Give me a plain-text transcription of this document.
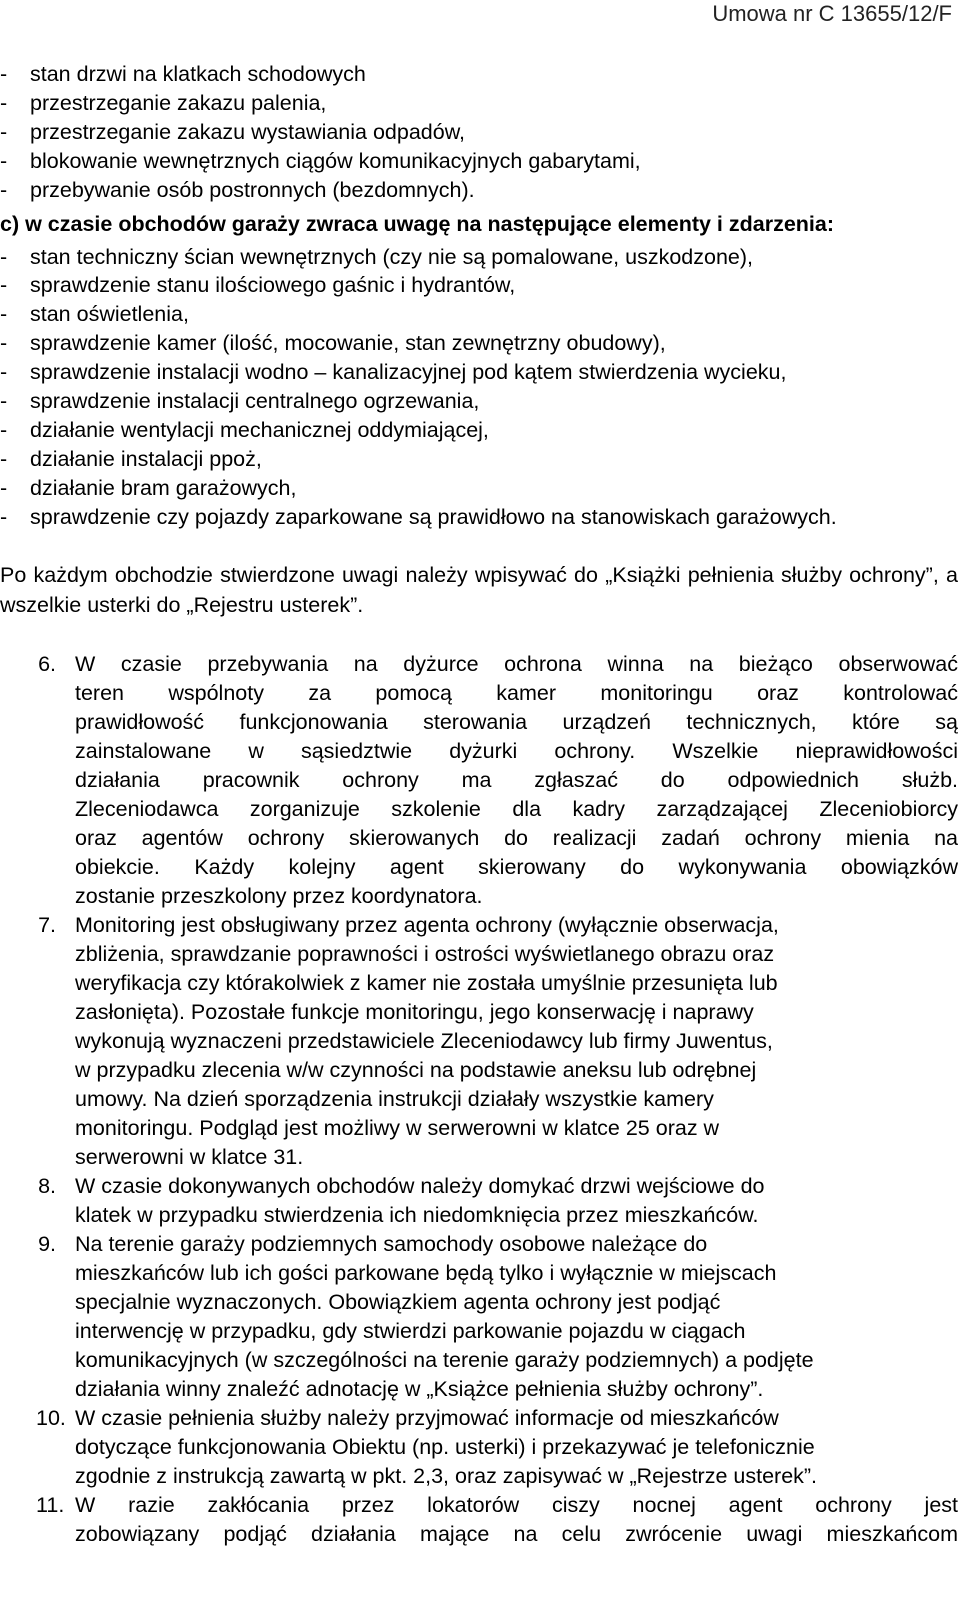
Umowa nr C 13655/12/F
- stan drzwi na klatkach schodowych
- przestrzeganie zakazu palenia,
- przestrzeganie zakazu wystawiania odpadów,
- blokowanie wewnętrznych ciągów komunikacyjnych gabarytami,
- przebywanie osób postronnych (bezdomnych).
c) w czasie obchodów garaży zwraca uwagę na następujące elementy i zdarzenia:
- stan techniczny ścian wewnętrznych (czy nie są pomalowane, uszkodzone),
- sprawdzenie stanu ilościowego gaśnic i hydrantów,
- stan oświetlenia,
- sprawdzenie kamer (ilość, mocowanie, stan zewnętrzny obudowy),
- sprawdzenie instalacji wodno – kanalizacyjnej pod kątem stwierdzenia wycieku,
- sprawdzenie instalacji centralnego ogrzewania,
- działanie wentylacji mechanicznej oddymiającej,
- działanie instalacji ppoż,
- działanie bram garażowych,
- sprawdzenie czy pojazdy zaparkowane są prawidłowo na stanowiskach garażowych.

Po każdym obchodzie stwierdzone uwagi należy wpisywać do „Książki pełnienia służby ochrony”, a wszelkie usterki do „Rejestru usterek”.

6. W czasie przebywania na dyżurce ochrona winna na bieżąco obserwować
teren wspólnoty za pomocą kamer monitoringu oraz kontrolować
prawidłowość funkcjonowania sterowania urządzeń technicznych, które są
zainstalowane w sąsiedztwie dyżurki ochrony. Wszelkie nieprawidłowości
działania pracownik ochrony ma zgłaszać do odpowiednich służb.
Zleceniodawca zorganizuje szkolenie dla kadry zarządzającej Zleceniobiorcy
oraz agentów ochrony skierowanych do realizacji zadań ochrony mienia na
obiekcie. Każdy kolejny agent skierowany do wykonywania obowiązków
zostanie przeszkolony przez koordynatora.
7. Monitoring jest obsługiwany przez agenta ochrony (wyłącznie obserwacja,
zbliżenia, sprawdzanie poprawności i ostrości wyświetlanego obrazu oraz
weryfikacja czy którakolwiek z kamer nie została umyślnie przesunięta lub
zasłonięta). Pozostałe funkcje monitoringu, jego konserwację i naprawy
wykonują wyznaczeni przedstawiciele Zleceniodawcy lub firmy Juwentus,
w przypadku zlecenia w/w czynności na podstawie aneksu lub odrębnej
umowy. Na dzień sporządzenia instrukcji działały wszystkie kamery
monitoringu. Podgląd jest możliwy w serwerowni w klatce 25 oraz w
serwerowni w klatce 31.
8. W czasie dokonywanych obchodów należy domykać drzwi wejściowe do
klatek w przypadku stwierdzenia ich niedomknięcia przez mieszkańców.
9. Na terenie garaży podziemnych samochody osobowe należące do
mieszkańców lub ich gości parkowane będą tylko i wyłącznie w miejscach
specjalnie wyznaczonych. Obowiązkiem agenta ochrony jest podjąć
interwencję w przypadku, gdy stwierdzi parkowanie pojazdu w ciągach
komunikacyjnych (w szczególności na terenie garaży podziemnych) a podjęte
działania winny znaleźć adnotację w „Książce pełnienia służby ochrony”.
10. W czasie pełnienia służby należy przyjmować informacje od mieszkańców
dotyczące funkcjonowania Obiektu (np. usterki) i przekazywać je telefonicznie
zgodnie z instrukcją zawartą w pkt. 2,3, oraz zapisywać w „Rejestrze usterek”.
11. W razie zakłócania przez lokatorów ciszy nocnej agent ochrony jest
zobowiązany podjąć działania mające na celu zwrócenie uwagi mieszkańcom
